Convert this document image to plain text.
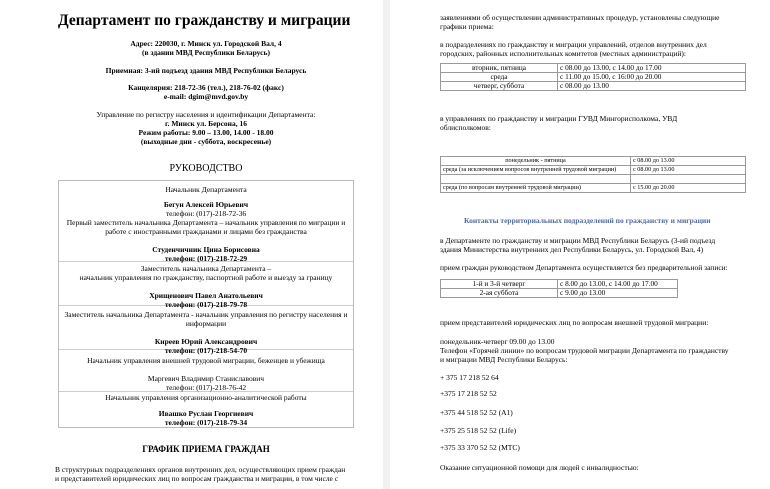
Департамент по гражданству и миграции
Адрес: 220030, г. Минск ул. Городской Вал, 4
(в здании МВД Республики Беларусь)
Приемная: 3-ий подъезд здания МВД Республики Беларусь
Канцелярия: 218-72-36 (тел.), 218-76-02 (факс)
e-mail: dgim@mvd.gov.by
Управление по регистру населения и идентификации Департамента:
г. Минск ул. Берсона, 16
Режим работы: 9.00 – 13.00, 14.00 - 18.00
(выходные дни - суббота, воскресенье)
РУКОВОДСТВО
Начальник Департамента
Бегун Алексей Юрьевич
телефон: (017)-218-72-36
Первый заместитель начальника Департамента – начальник управления по миграции и
работе с иностранными гражданами и лицами без гражданства
Студенчичник Цина Борисовна
телефон: (017)-218-72-29
Заместитель начальника Департамента –
начальник управления по гражданству, паспортной работе и выезду за границу
Хрищенович Павел Анатольевич
телефон: (017)-218-79-78
Заместитель начальника Департамента - начальник управления по регистру населения и
информации
Киреев Юрий Александрович
телефон: (017)-218-54-70
Начальник управления внешней трудовой миграции, беженцев и убежища
Маргевич Владимир Станиславович
телефон: (017)-218-76-42
Начальник управления организационно-аналитической работы
Ивашко Руслан Георгиевич
телефон: (017)-218-79-34
ГРАФИК ПРИЕМА ГРАЖДАН
В структурных подразделениях органов внутренних дел, осуществляющих прием граждан
и представителей юридических лиц по вопросам гражданства и миграции, в том числе с
заявлениями об осуществлении административных процедур, установлены следующие
графики приема:
в подразделениях по гражданству и миграции управлений, отделов внутренних дел
городских, районных исполнительных комитетов (местных администраций):
вторник, пятница	с 08.00 до 13.00, с 14.00 до 17.00
среда	с 11.00 до 15.00, с 16:00 до 20.00
четверг, суббота	с 08.00 до 13.00
в управлениях по гражданству и миграции ГУВД Мингорисполкома, УВД
облисполкомов:
понедельник - пятница	с 08.00 до 13.00
среда (за исключением вопросов внутренней трудовой миграции)	с 08.00 до 13.00

среда (по вопросам внутренней трудовой миграции)	с 15.00 до 20.00
Контакты территориальных подразделений по гражданству и миграции
в Департаменте по гражданству и миграции МВД Республики Беларусь (3-ий подъезд
здания Министерства внутренних дел Республики Беларусь, ул. Городской Вал, 4)
прием граждан руководством Департамента осуществляется без предварительной записи:
1-й и 3-й четверг	с 8.00 до 13.00, с 14.00 до 17.00
2-ая суббота	с 9.00 до 13.00
прием представителей юридических лиц по вопросам внешней трудовой миграции:
понедельник-четверг 09.00 до 13.00
Телефон «Горячей линии» по вопросам трудовой миграции Департамента по гражданству
и миграции МВД Республики Беларусь:
+ 375 17 218 52 64
+375 17 218 52 52
+375 44 518 52 52 (А1)
+375 25 518 52 52 (Life)
+375 33 370 52 52 (МТС)
Оказание ситуационной помощи для людей с инвалидностью:
